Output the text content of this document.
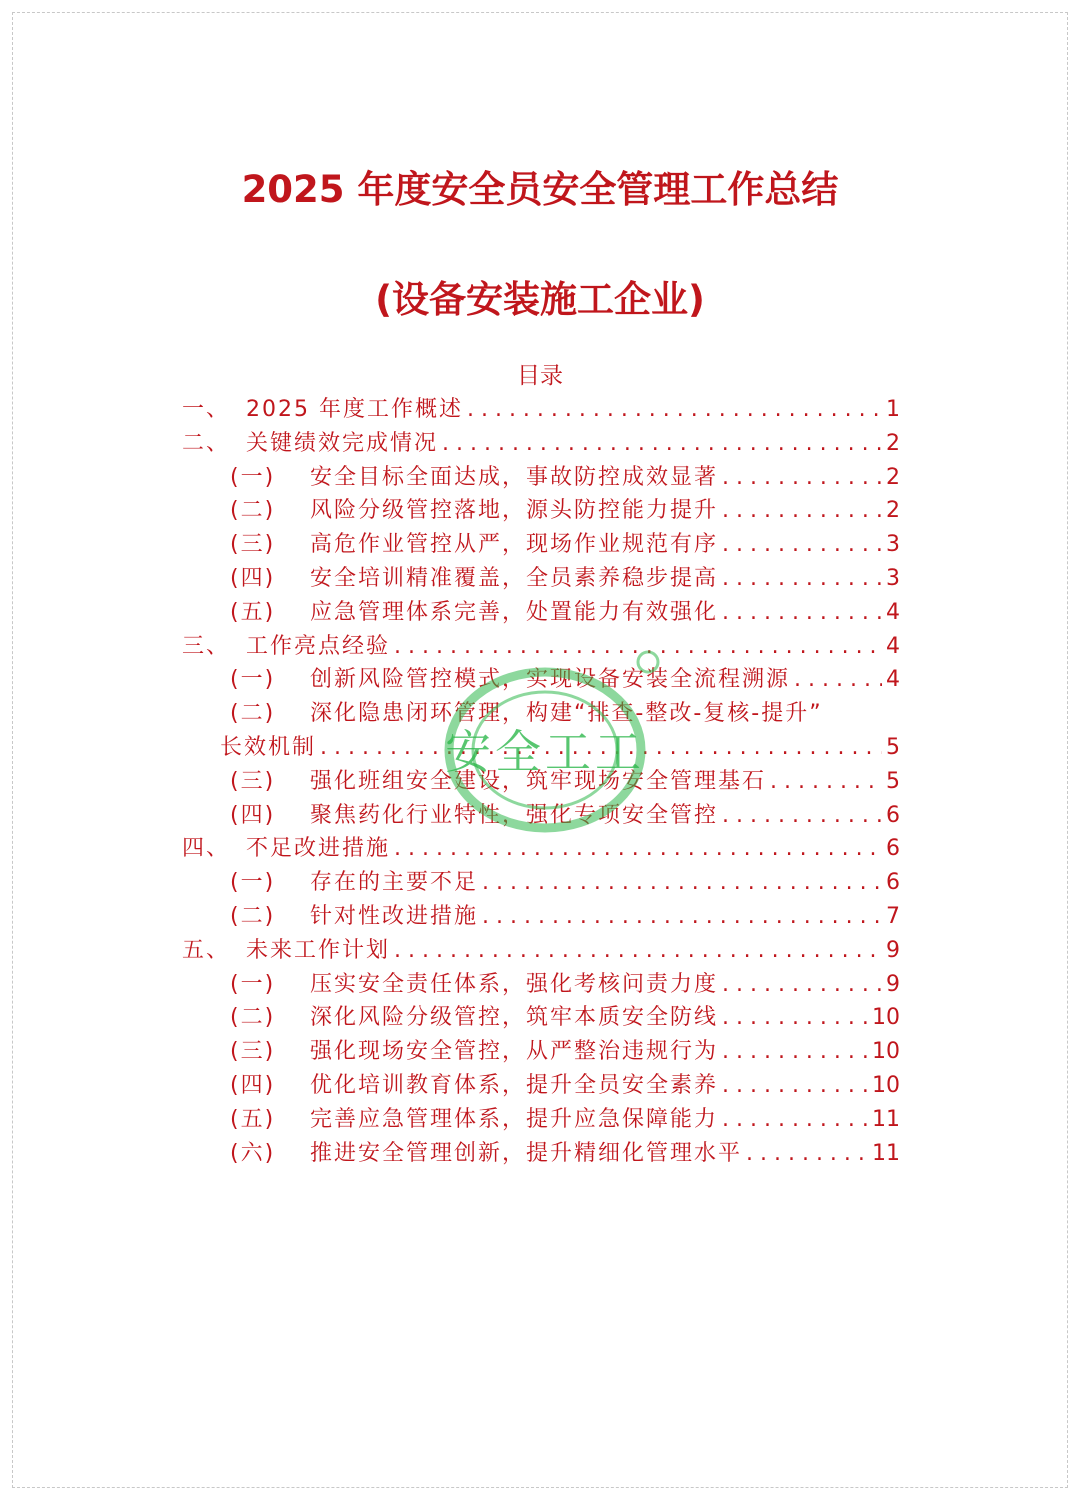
2025 年度安全员安全管理工作总结
(设备安装施工企业)
目录
一、 2025 年度工作概述 . . .	1
二、 关键绩效完成情况 . . .	2
(一)	安全目标全面达成，事故防控成效显著 . . .	2
(二)	风险分级管控落地，源头防控能力提升 . . .	2
(三)	高危作业管控从严，现场作业规范有序 . . .	3
(四)	安全培训精准覆盖，全员素养稳步提高 . . .	3
(五)	应急管理体系完善，处置能力有效强化 . . .	4
三、 工作亮点经验 . . .	4
(一)	创新风险管控模式，实现设备安装全流程溯源 . . .	4
(二)	深化隐患闭环管理，构建“排查-整改-复核-提升”
长效机制 . . .	5
(三)	强化班组安全建设，筑牢现场安全管理基石 . . .	5
(四)	聚焦药化行业特性，强化专项安全管控 . . .	6
四、 不足改进措施 . . .	6
(一)	存在的主要不足 . . .	6
(二)	针对性改进措施 . . .	7
五、 未来工作计划 . . .	9
(一)	压实安全责任体系，强化考核问责力度 . . .	9
(二)	深化风险分级管控，筑牢本质安全防线 . . .	10
(三)	强化现场安全管控，从严整治违规行为 . . .	10
(四)	优化培训教育体系，提升全员安全素养 . . .	10
(五)	完善应急管理体系，提升应急保障能力 . . .	11
(六)	推进安全管理创新，提升精细化管理水平 . . .	11
安全工工
